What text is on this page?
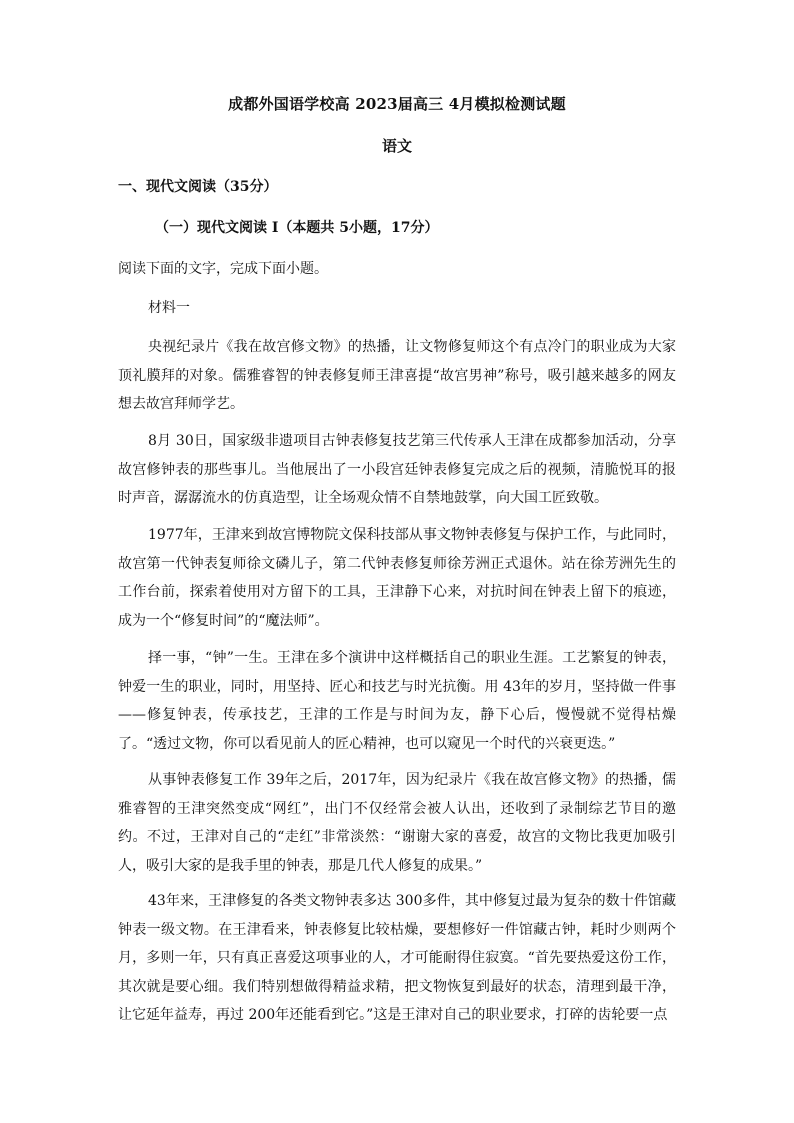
成都外国语学校高 2023届高三 4月模拟检测试题
语文
一、现代文阅读（35分）
（一）现代文阅读 I（本题共 5小题，17分）
阅读下面的文字，完成下面小题。
材料一

央视纪录片《我在故宫修文物》的热播，让文物修复师这个有点冷门的职业成为大家顶礼膜拜的对象。儒雅睿智的钟表修复师王津喜提“故宫男神”称号，吸引越来越多的网友想去故宫拜师学艺。

8月 30日，国家级非遗项目古钟表修复技艺第三代传承人王津在成都参加活动，分享故宫修钟表的那些事儿。当他展出了一小段宫廷钟表修复完成之后的视频，清脆悦耳的报时声音，潺潺流水的仿真造型，让全场观众情不自禁地鼓掌，向大国工匠致敬。

1977年，王津来到故宫博物院文保科技部从事文物钟表修复与保护工作，与此同时，故宫第一代钟表复师徐文磷儿子，第二代钟表修复师徐芳洲正式退休。站在徐芳洲先生的工作台前，探索着使用对方留下的工具，王津静下心来，对抗时间在钟表上留下的痕迹，成为一个“修复时间”的“魔法师”。

择一事，“钟”一生。王津在多个演讲中这样概括自己的职业生涯。工艺繁复的钟表，钟爱一生的职业，同时，用坚持、匠心和技艺与时光抗衡。用 43年的岁月，坚持做一件事——修复钟表，传承技艺，王津的工作是与时间为友，静下心后，慢慢就不觉得枯燥了。“透过文物，你可以看见前人的匠心精神，也可以窥见一个时代的兴衰更迭。”

从事钟表修复工作 39年之后，2017年，因为纪录片《我在故宫修文物》的热播，儒雅睿智的王津突然变成“网红”，出门不仅经常会被人认出，还收到了录制综艺节目的邀约。不过，王津对自己的“走红”非常淡然：“谢谢大家的喜爱，故宫的文物比我更加吸引人，吸引大家的是我手里的钟表，那是几代人修复的成果。”

43年来，王津修复的各类文物钟表多达 300多件，其中修复过最为复杂的数十件馆藏钟表一级文物。在王津看来，钟表修复比较枯燥，要想修好一件馆藏古钟，耗时少则两个月，多则一年，只有真正喜爱这项事业的人，才可能耐得住寂寞。“首先要热爱这份工作，其次就是要心细。我们特别想做得精益求精，把文物恢复到最好的状态，清理到最干净，让它延年益寿，再过 200年还能看到它。”这是王津对自己的职业要求，打碎的齿轮要一点
